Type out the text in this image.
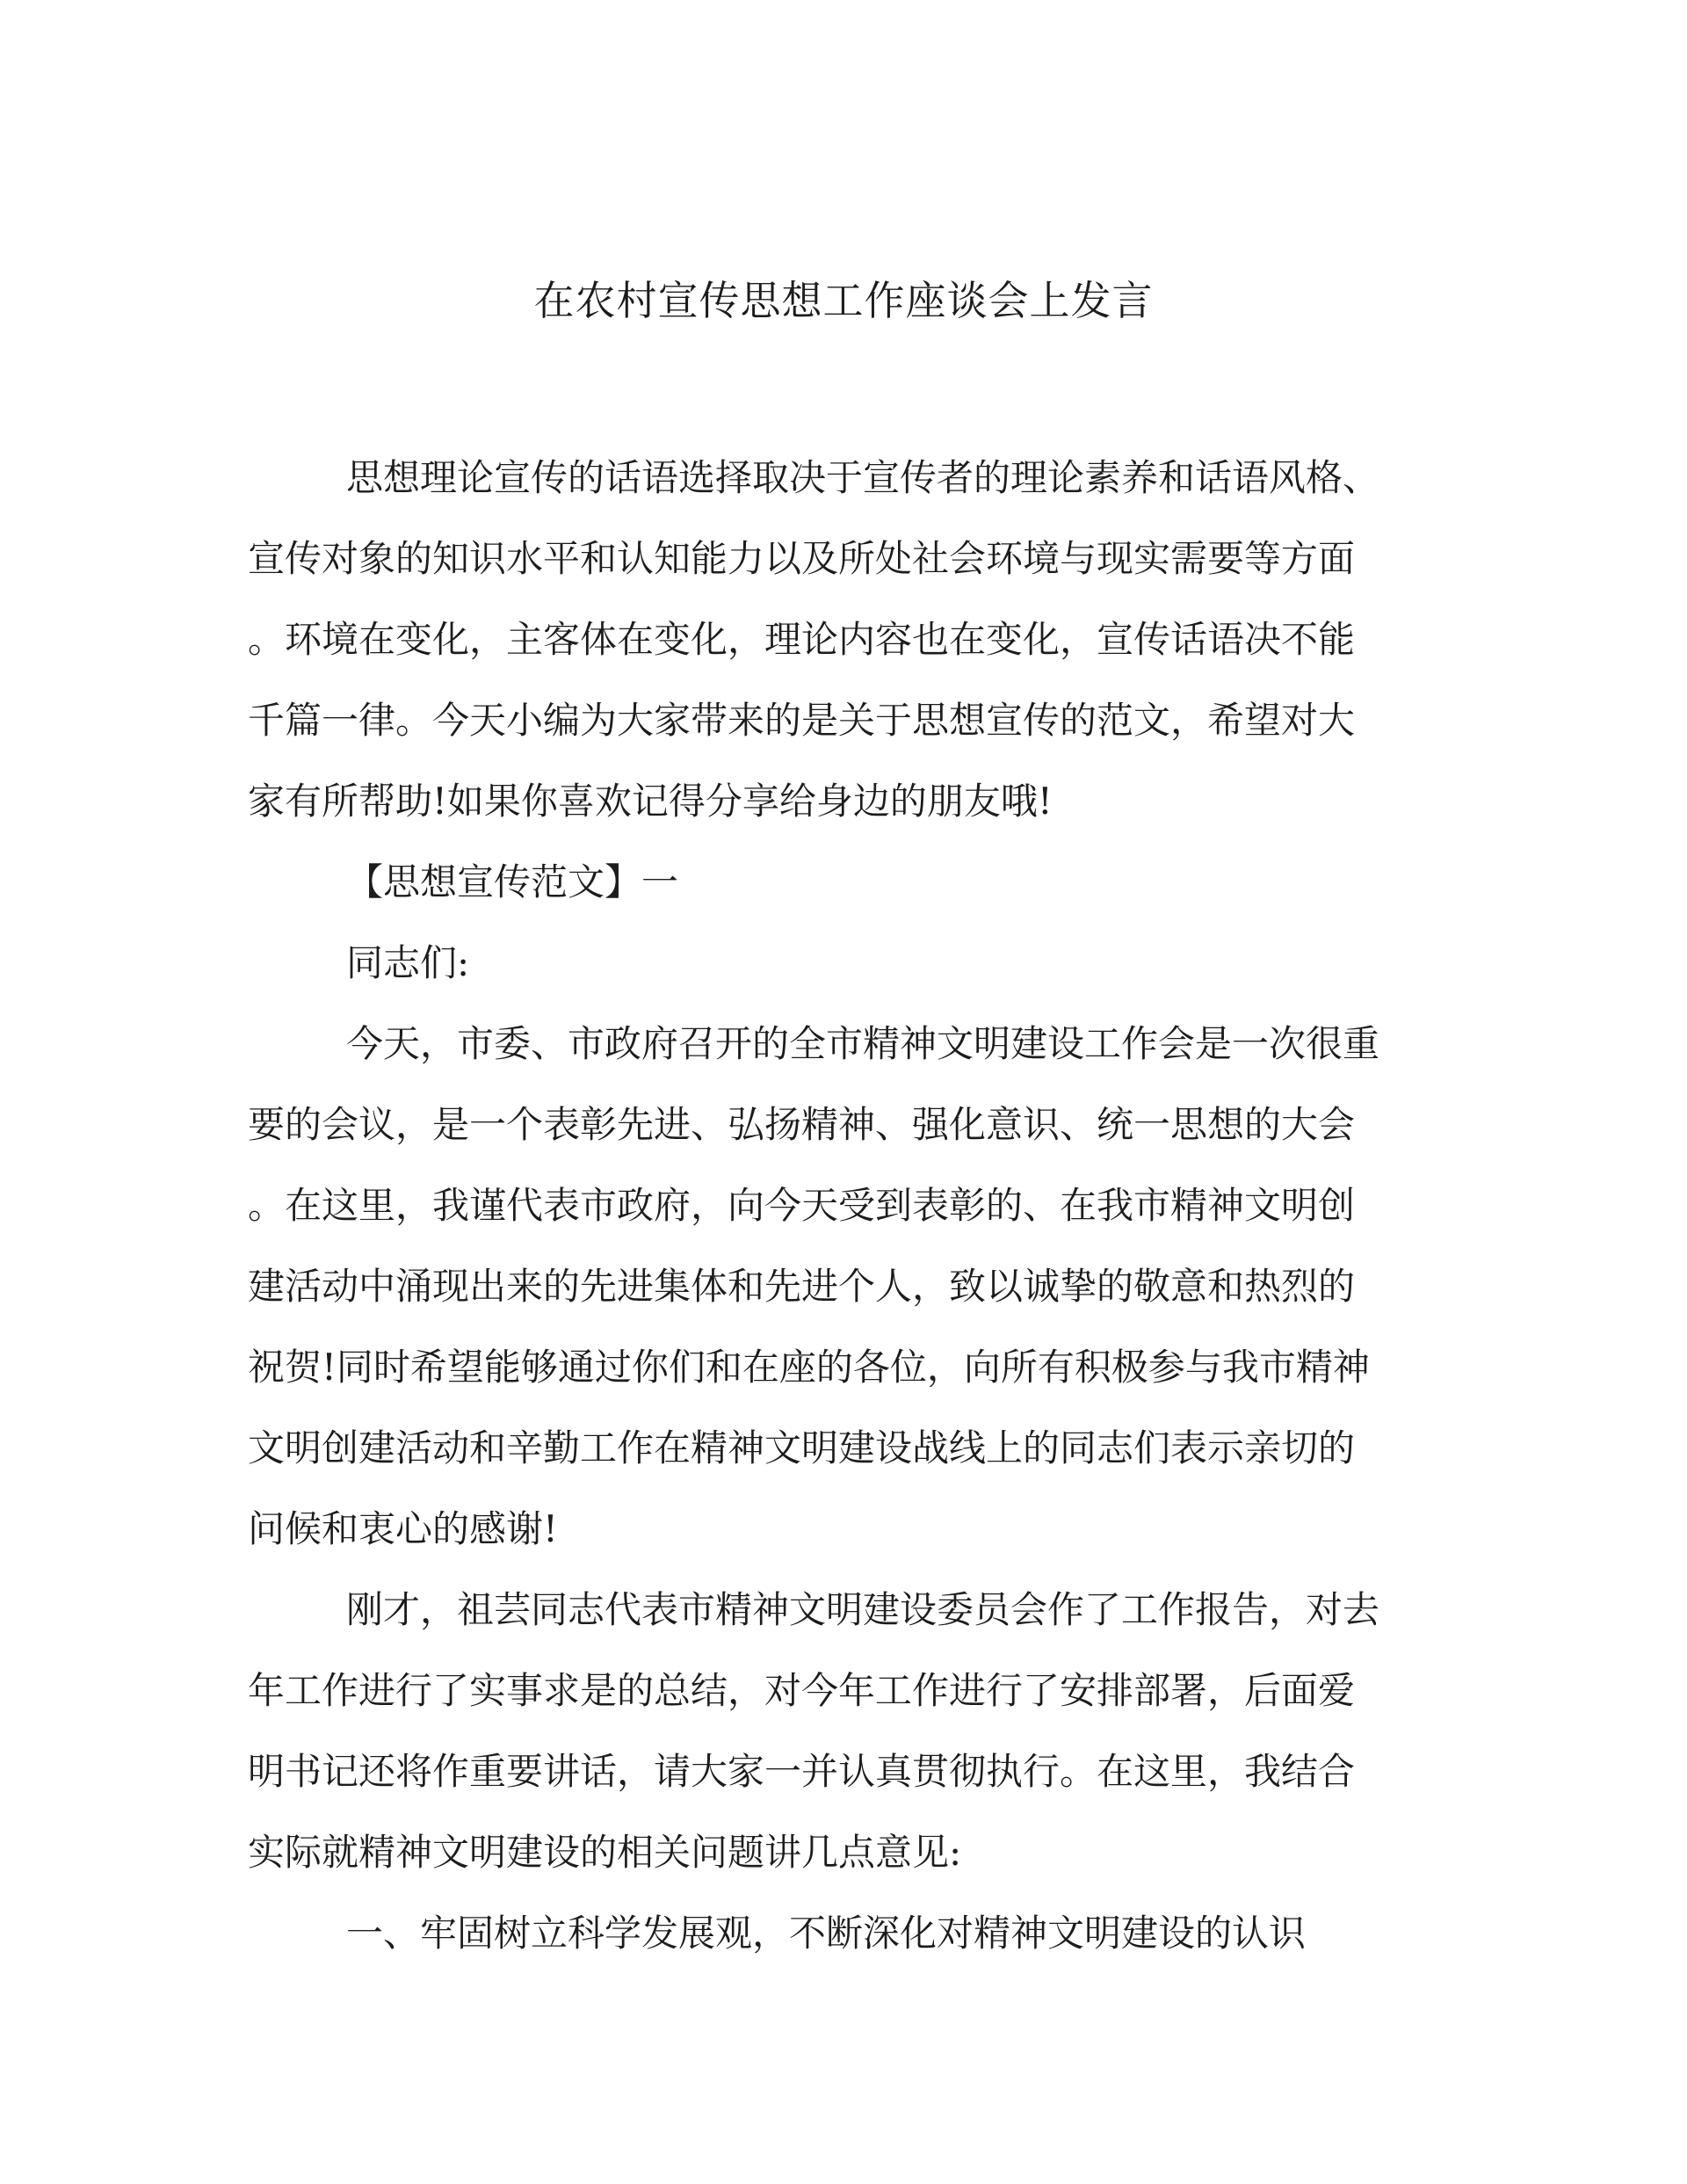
在农村宣传思想工作座谈会上发言
思想理论宣传的话语选择取决于宣传者的理论素养和话语风格、
宣传对象的知识水平和认知能力以及所处社会环境与现实需要等方面
。环境在变化，主客体在变化，理论内容也在变化，宣传话语决不能
千篇一律。今天小编为大家带来的是关于思想宣传的范文，希望对大
家有所帮助!如果你喜欢记得分享给身边的朋友哦!
【思想宣传范文】一
同志们:
今天，市委、市政府召开的全市精神文明建设工作会是一次很重
要的会议，是一个表彰先进、弘扬精神、强化意识、统一思想的大会
。在这里，我谨代表市政府，向今天受到表彰的、在我市精神文明创
建活动中涌现出来的先进集体和先进个人，致以诚挚的敬意和热烈的
祝贺!同时希望能够通过你们和在座的各位，向所有积极参与我市精神
文明创建活动和辛勤工作在精神文明建设战线上的同志们表示亲切的
问候和衷心的感谢!
刚才，祖芸同志代表市精神文明建设委员会作了工作报告，对去
年工作进行了实事求是的总结，对今年工作进行了安排部署，后面爱
明书记还将作重要讲话，请大家一并认真贯彻执行。在这里，我结合
实际就精神文明建设的相关问题讲几点意见:
一、牢固树立科学发展观，不断深化对精神文明建设的认识
